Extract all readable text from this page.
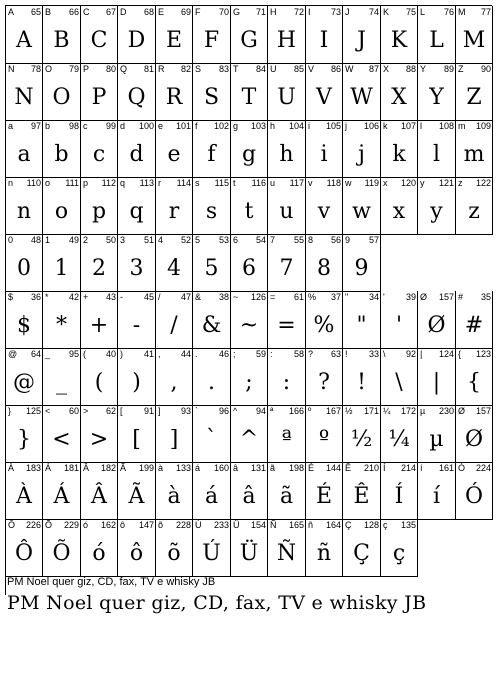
A 65
A
B 66
B
C 67
C
D 68
D
E 69
E
F 70
F
G 71
G
H 72
H
I 73
I
J 74
J
K 75
K
L 76
L
M 77
M
N 78
N
O 79
O
P 80
P
Q 81
Q
R 82
R
S 83
S
T 84
T
U 85
U
V 86
V
W 87
W
X 88
X
Y 89
Y
Z 90
Z
a 97
a
b 98
b
c 99
c
d 100
d
e 101
e
f 102
f
g 103
g
h 104
h
i 105
i
j 106
j
k 107
k
l 108
l
m 109
m
n 110
n
o 111
o
p 112
p
q 113
q
r 114
r
s 115
s
t 116
t
u 117
u
v 118
v
w 119
w
x 120
x
y 121
y
z 122
z
0 48
0
1 49
1
2 50
2
3 51
3
4 52
4
5 53
5
6 54
6
7 55
7
8 56
8
9 57
9
$ 36
$
* 42
*
+ 43
+
- 45
-
/ 47
/
& 38
&
~ 126
~
= 61
=
% 37
%
" 34
"
' 39
'
Ø 157
Ø
# 35
#
@ 64
@
_ 95
_
( 40
(
) 41
)
, 44
,
. 46
.
; 59
;
: 58
:
? 63
?
! 33
!
\ 92
\
| 124
|
{ 123
{
} 125
}
< 60
<
> 62
>
[ 91
[
] 93
]
` 96
`
^ 94
^
ª 166
ª
º 167
º
½ 171
½
¼ 172
¼
µ 230
µ
Ø 157
Ø
À 183
À
Á 181
Á
Â 182
Â
Ã 199
Ã
à 133
à
á 160
á
â 131
â
ã 198
ã
É 144
É
Ê 210
Ê
Í 214
Í
í 161
í
Ó 224
Ó
Ô 226
Ô
Õ 229
Õ
ó 162
ó
ô 147
ô
õ 228
õ
Ú 233
Ú
Ü 154
Ü
Ñ 165
Ñ
ñ 164
ñ
Ç 128
Ç
ç 135
ç
PM Noel quer giz, CD, fax, TV e whisky JB
PM Noel quer giz, CD, fax, TV e whisky JB
